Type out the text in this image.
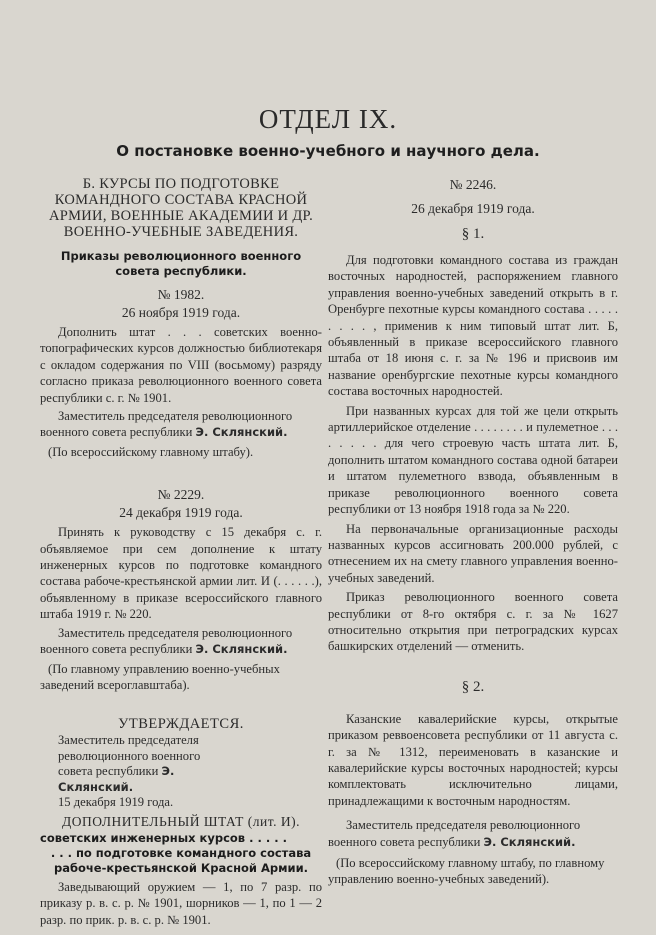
ОТДЕЛ IX.
О постановке военно-учебного и научного дела.

Б. КУРСЫ ПО ПОДГОТОВКЕ КОМАНДНОГО СОСТАВА КРАСНОЙ АРМИИ, ВОЕННЫЕ АКАДЕМИИ И ДР. ВОЕННО-УЧЕБНЫЕ ЗАВЕДЕНИЯ.

Приказы революционного военного совета республики.

№ 1982.

26 ноября 1919 года.

Дополнить штат . . . советских военно-топографических курсов должностью библиотекаря с окладом содержания по VIII (восьмому) разряду согласно приказа революционного военного совета республики с. г. № 1901.

Заместитель председателя революционного военного совета республики Э. Склянский.

(По всероссийскому главному штабу).

№ 2229.

24 декабря 1919 года.

Принять к руководству с 15 декабря с. г. объявляемое при сем дополнение к штату инженерных курсов по подготовке командного состава рабоче-крестьянской армии лит. И (. . . . . .), объявленному в приказе всероссийского главного штаба 1919 г. № 220.

Заместитель председателя революционного военного совета республики Э. Склянский.

(По главному управлению военно-учебных заведений всероглавштаба).

УТВЕРЖДАЕТСЯ.

Заместитель председателя революционного военного совета республики Э. Склянский.

15 декабря 1919 года.

ДОПОЛНИТЕЛЬНЫЙ ШТАТ (лит. И).

советских инженерных курсов . . . . .

. . . по подготовке командного состава

рабоче-крестьянской Красной Армии.

Заведывающий оружием — 1, по 7 разр. по приказу р. в. с. р. № 1901, шорников — 1, по 1 — 2 разр. по прик. р. в. с. р. № 1901.

№ 2246.

26 декабря 1919 года.

§ 1.

Для подготовки командного состава из граждан восточных народностей, распоряжением главного управления военно-учебных заведений открыть в г. Оренбурге пехотные курсы командного состава . . . . . . . . . , применив к ним типовый штат лит. Б, объявленный в приказе всероссийского главного штаба от 18 июня с. г. за № 196 и присвоив им название оренбургские пехотные курсы командного состава восточных народностей.

При названных курсах для той же цели открыть артиллерийское отделение . . . . . . . . и пулеметное . . . . . . . . для чего строевую часть штата лит. Б, дополнить штатом командного состава одной батареи и штатом пулеметного взвода, объявленным в приказе революционного военного совета республики от 13 ноября 1918 года за № 220.

На первоначальные организационные расходы названных курсов ассигновать 200.000 рублей, с отнесением их на смету главного управления военно-учебных заведений.

Приказ революционного военного совета республики от 8-го октября с. г. за № 1627 относительно открытия при петроградских курсах башкирских отделений — отменить.

§ 2.

Казанские кавалерийские курсы, открытые приказом реввоенсовета республики от 11 августа с. г. за № 1312, переименовать в казанские и кавалерийские курсы восточных народностей; курсы комплектовать исключительно лицами, принадлежащими к восточным народностям.

Заместитель председателя революционного военного совета республики Э. Склянский.

(По всероссийскому главному штабу, по главному управлению военно-учебных заведений).
